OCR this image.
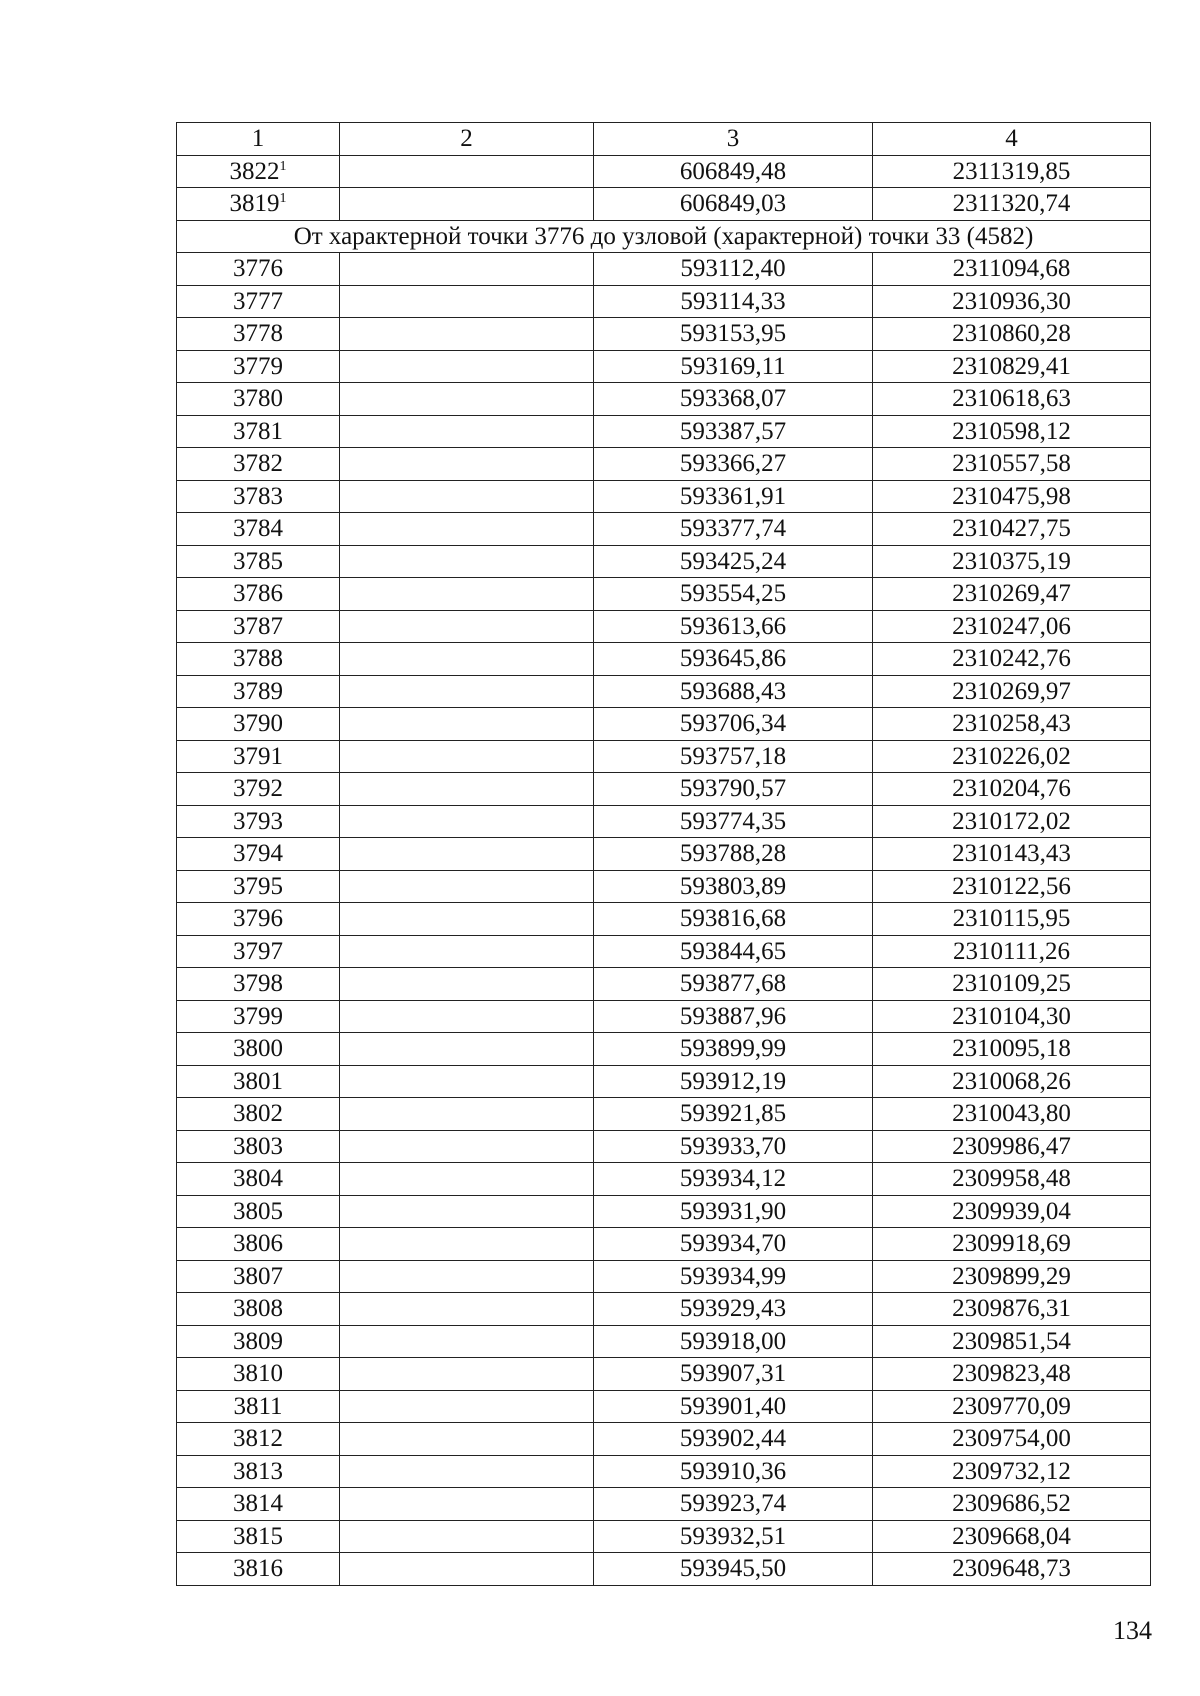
1	2	3	4
3822$^1$		606849,48	2311319,85
3819$^1$		606849,03	2311320,74
От характерной точки 3776 до узловой (характерной) точки 33 (4582)			
3776		593112,40	2311094,68
3777		593114,33	2310936,30
3778		593153,95	2310860,28
3779		593169,11	2310829,41
3780		593368,07	2310618,63
3781		593387,57	2310598,12
3782		593366,27	2310557,58
3783		593361,91	2310475,98
3784		593377,74	2310427,75
3785		593425,24	2310375,19
3786		593554,25	2310269,47
3787		593613,66	2310247,06
3788		593645,86	2310242,76
3789		593688,43	2310269,97
3790		593706,34	2310258,43
3791		593757,18	2310226,02
3792		593790,57	2310204,76
3793		593774,35	2310172,02
3794		593788,28	2310143,43
3795		593803,89	2310122,56
3796		593816,68	2310115,95
3797		593844,65	2310111,26
3798		593877,68	2310109,25
3799		593887,96	2310104,30
3800		593899,99	2310095,18
3801		593912,19	2310068,26
3802		593921,85	2310043,80
3803		593933,70	2309986,47
3804		593934,12	2309958,48
3805		593931,90	2309939,04
3806		593934,70	2309918,69
3807		593934,99	2309899,29
3808		593929,43	2309876,31
3809		593918,00	2309851,54
3810		593907,31	2309823,48
3811		593901,40	2309770,09
3812		593902,44	2309754,00
3813		593910,36	2309732,12
3814		593923,74	2309686,52
3815		593932,51	2309668,04
3816		593945,50	2309648,73
134
